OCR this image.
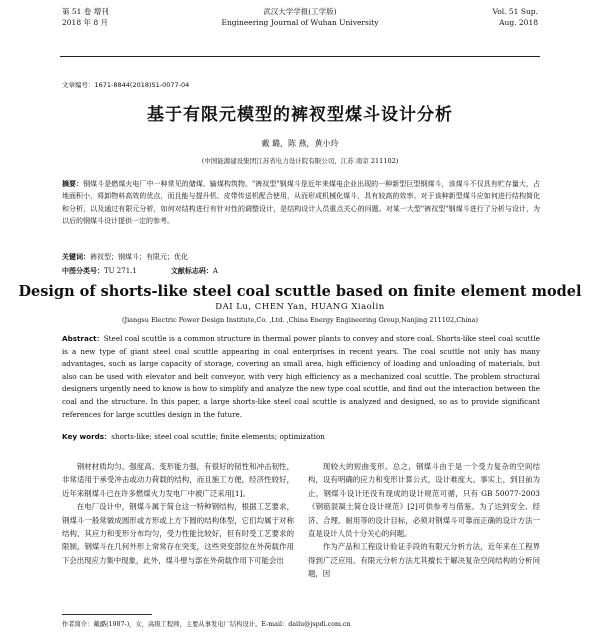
第 51 卷 增刊
2018 年 8 月
武汉大学学报(工学版)
Engineering Journal of Wuhan University
Vol. 51 Sup.
Aug. 2018
文章编号：1671-8844(2018)S1-0077-04
基于有限元模型的裤衩型煤斗设计分析
戴 璐，陈 燕，黄小玲
(中国能源建设集团江苏省电力设计院有限公司，江苏 南京 211102)
摘要：钢煤斗是燃煤火电厂中一种常见的储煤、输煤构筑物。"裤衩型"钢煤斗是近年来煤电企业出现的一种新型巨型钢煤斗，该煤斗不仅具有贮存量大，占地面积小，将卸物料高效的优点，而且能与提升机、皮带传送机配合使用，从而形成机械化煤斗，具有较高的效率。对于该种新型煤斗应如何进行结构简化和分析，以及通过有限元分析，如何对结构进行有针对性的调整设计，是结构设计人员重点关心的问题。对某一大型"裤衩型"钢煤斗进行了分析与设计，为以后的钢煤斗设计提供一定的参考。
关键词：裤衩型；钢煤斗；有限元；优化
中图分类号：TU 271.1	文献标志码：A
Design of shorts-like steel coal scuttle based on finite element model
DAI Lu, CHEN Yan, HUANG Xiaolin
(Jiangsu Electric Power Design Institute,Co. ,Ltd. ,China Energy Engineering Group,Nanjing 211102,China)
Abstract：Steel coal scuttle is a common structure in thermal power plants to convey and store coal. Shorts-like steel coal scuttle is a new type of giant steel coal scuttle appearing in coal enterprises in recent years. The coal scuttle not only has many advantages, such as large capacity of storage, covering an small area, high efficiency of loading and unloading of materials, but also can be used with elevator and belt conveyor, with very high efficiency as a mechanized coal scuttle. The problem structural designers urgently need to know is how to simplify and analyze the new type coal scuttle, and find out the interaction between the coal and the structure. In this paper, a large shorts-like steel coal scuttle is analyzed and designed, so as to provide significant references for large scuttles design in the future.
Key words：shorts-like; steel coal scuttle; finite elements; optimization

钢材材质均匀、强度高、变形能力强，有很好的韧性和冲击韧性，非常适用于承受冲击或动力荷载的结构，而且施工方便，经济性较好，近年来钢煤斗已在许多燃煤火力发电厂中被广泛采用[1]。

在电厂设计中，钢煤斗属于简仓这一特种钢结构，根据工艺要求，钢煤斗一般常做成圆形或方形或上方下圆的结构体型，它们均属于对称结构，其应力和变形分布均匀，受力性能比较好，但有时受工艺要求的限制，钢煤斗在几何外形上常常存在突变，这些突变部位在外荷载作用下会出现应力集中现象，此外，煤斗壁与部在外荷载作用下可能会出

现较大的短曲变形。总之，钢煤斗由于是一个受力复杂的空间结构，设有明确的应力和变形计算公式，设计难度大。事实上，到目前为止，钢煤斗设计还没有现成的设计规范可循，只有 GB 50077-2003《钢筋混凝土简仓设计规范》[2]可供参考与借鉴。为了达到安全、经济、合理、耐用等的设计目标，必须对钢煤斗可靠而正确的设计方法一直是设计人员十分关心的问题。

作为产品和工程设计验证手段的有限元分析方法，近年来在工程界得到广泛应用。有限元分析方法尤其擅长于解决复杂空间结构的分析问题，因

作者简介：戴璐(1987-)，女，高级工程师，主要从事发电厂结构设计。E-mail：dailu@jspdi.com.cn
